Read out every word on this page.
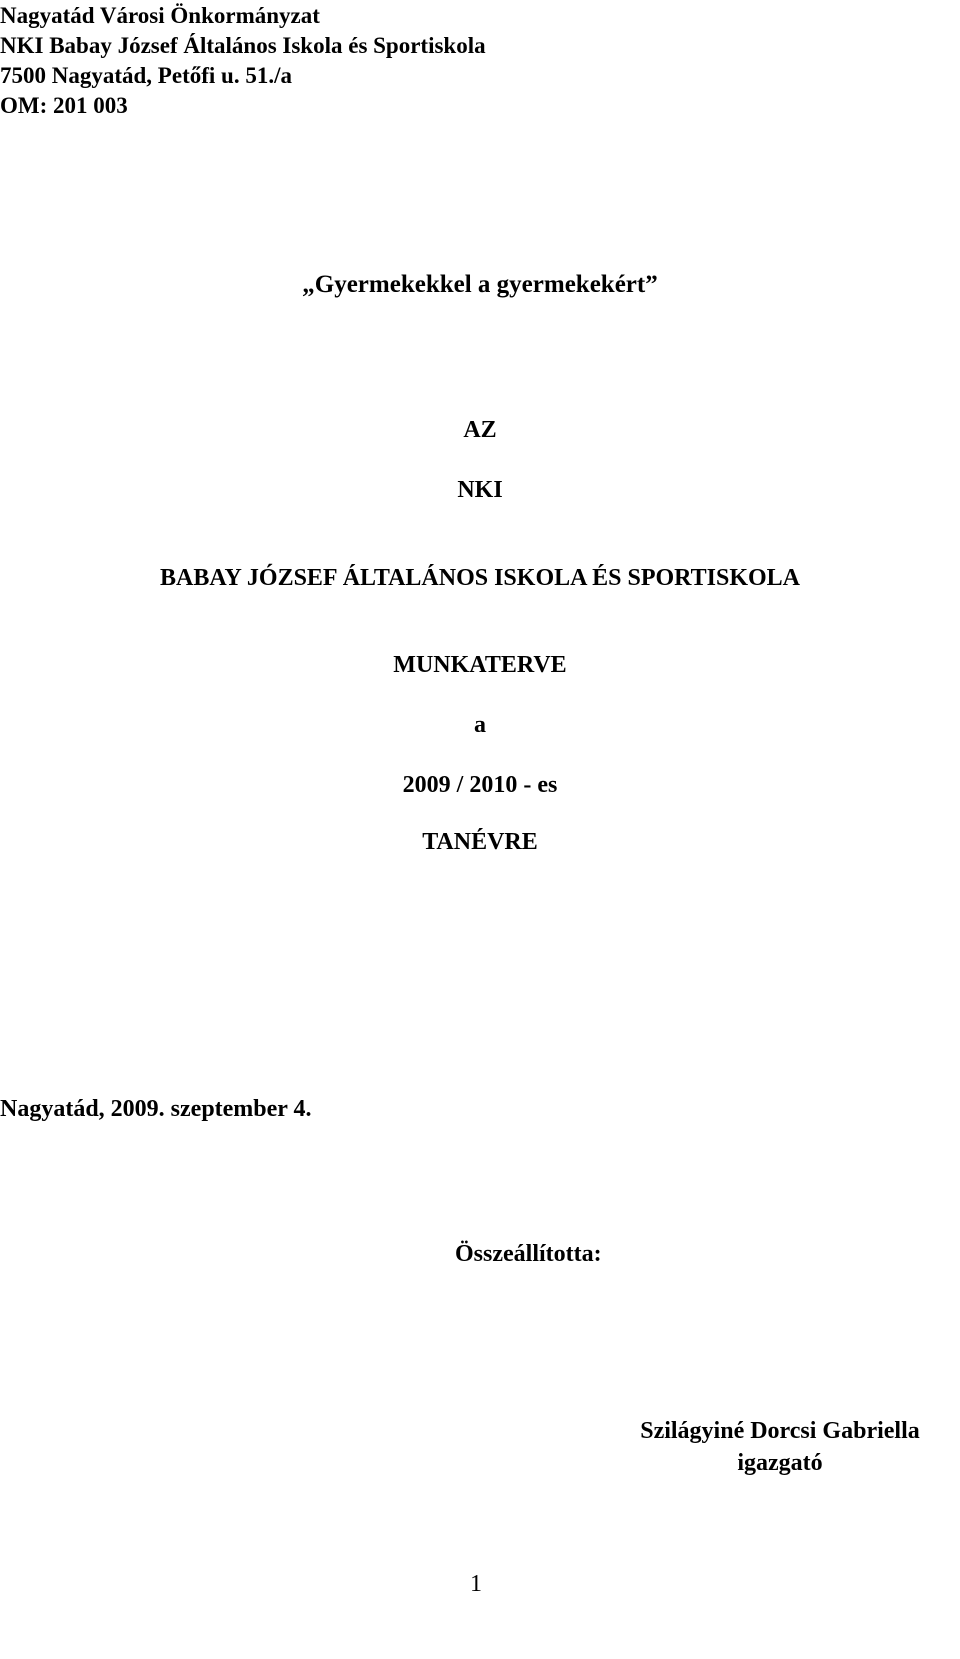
Nagyatád Városi Önkormányzat
NKI Babay József Általános Iskola és Sportiskola
7500 Nagyatád, Petőfi u. 51./a
OM: 201 003
„Gyermekekkel a gyermekekért”
AZ
NKI
BABAY JÓZSEF ÁLTALÁNOS ISKOLA ÉS SPORTISKOLA
MUNKATERVE
a
2009 / 2010 - es
TANÉVRE
Nagyatád, 2009. szeptember 4.
Összeállította:
Szilágyiné Dorcsi Gabriella
igazgató
1
